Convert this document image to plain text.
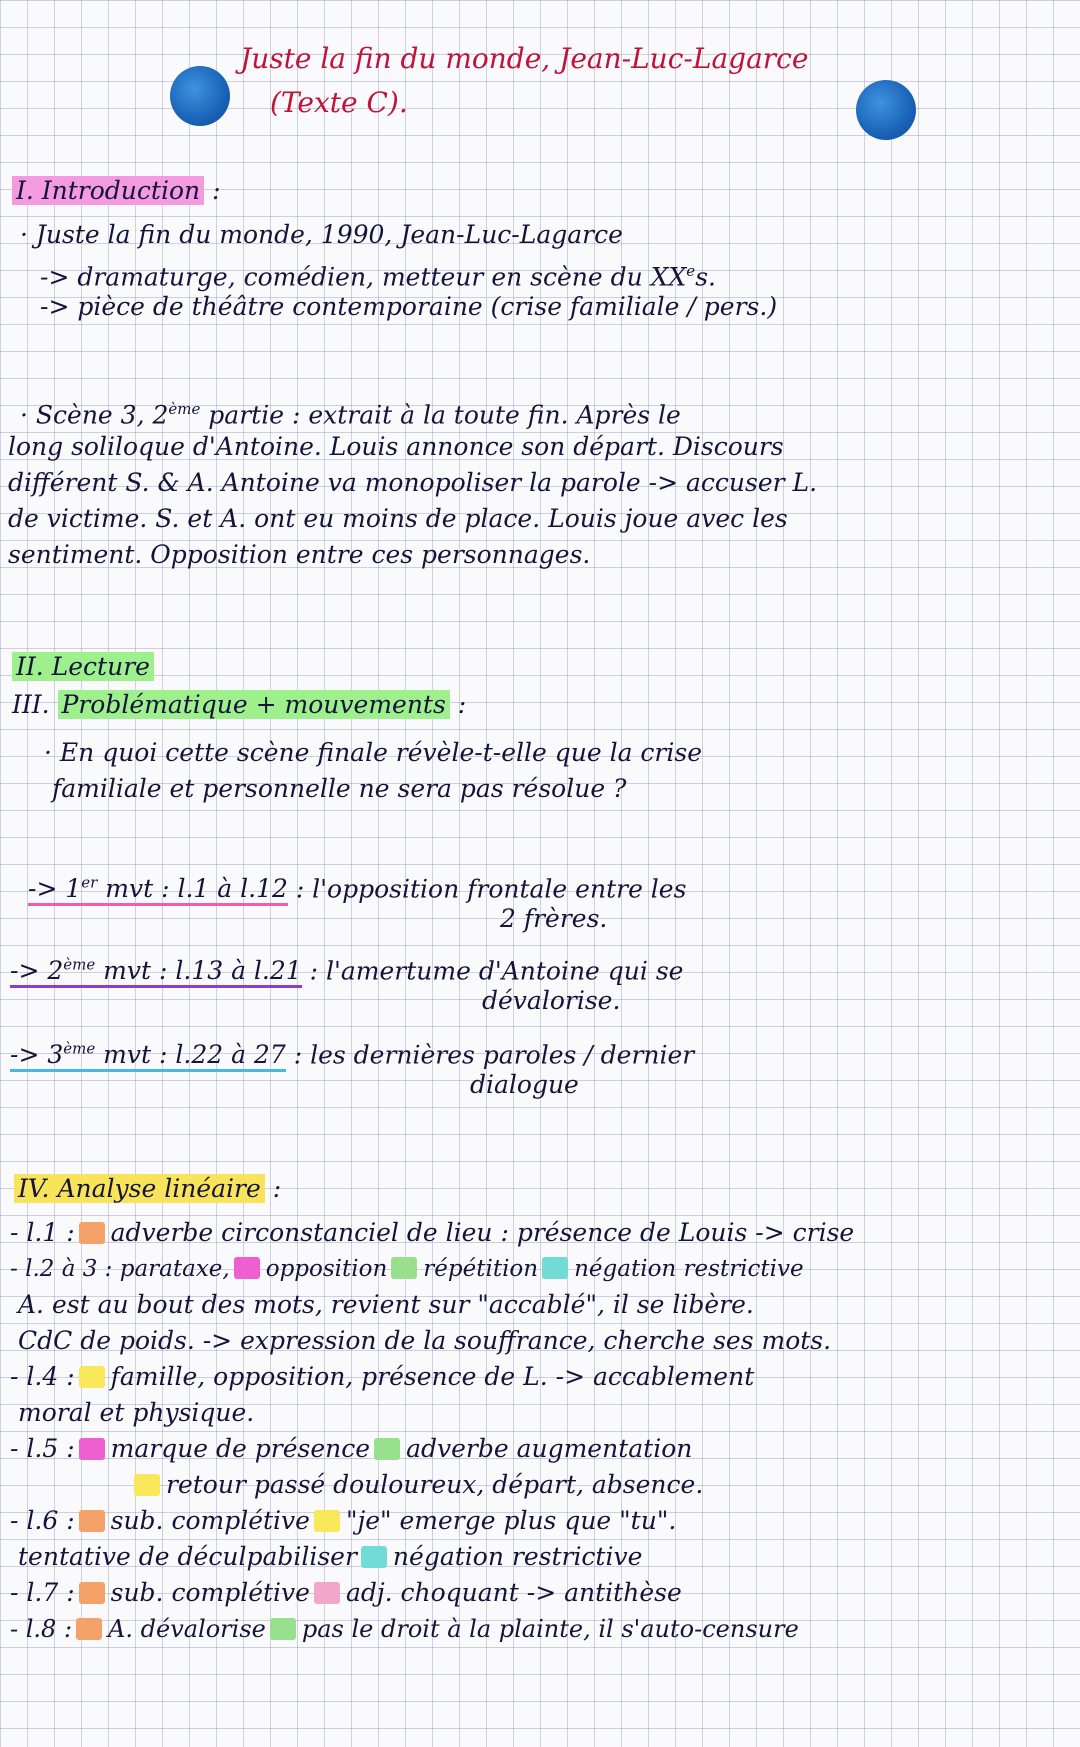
Juste la fin du monde, Jean-Luc-Lagarce
(Texte C).
I. Introduction :
· Juste la fin du monde, 1990, Jean-Luc-Lagarce
-> dramaturge, comédien, metteur en scène du XXes.
-> pièce de théâtre contemporaine (crise familiale / pers.)
· Scène 3, 2ème partie : extrait à la toute fin. Après le
long soliloque d'Antoine. Louis annonce son départ. Discours
différent S. & A. Antoine va monopoliser la parole -> accuser L.
de victime. S. et A. ont eu moins de place. Louis joue avec les
sentiment. Opposition entre ces personnages.
II. Lecture
III. Problématique + mouvements :
· En quoi cette scène finale révèle-t-elle que la crise
familiale et personnelle ne sera pas résolue ?
-> 1er mvt : l.1 à l.12 : l'opposition frontale entre les
2 frères.
-> 2ème mvt : l.13 à l.21 : l'amertume d'Antoine qui se
dévalorise.
-> 3ème mvt : l.22 à 27 : les dernières paroles / dernier
dialogue
IV. Analyse linéaire :
- l.1 : adverbe circonstanciel de lieu : présence de Louis -> crise
- l.2 à 3 : parataxe, opposition répétition négation restrictive
A. est au bout des mots, revient sur "accablé", il se libère.
CdC de poids. -> expression de la souffrance, cherche ses mots.
- l.4 : famille, opposition, présence de L. -> accablement
moral et physique.
- l.5 : marque de présence adverbe augmentation
retour passé douloureux, départ, absence.
- l.6 : sub. complétive "je" emerge plus que "tu".
tentative de déculpabiliser négation restrictive
- l.7 : sub. complétive adj. choquant -> antithèse
- l.8 : A. dévalorise pas le droit à la plainte, il s'auto-censure
